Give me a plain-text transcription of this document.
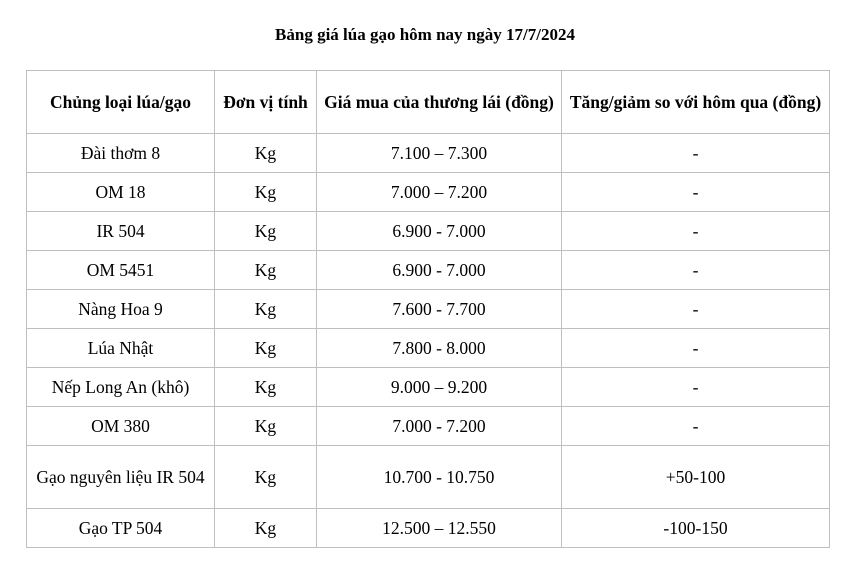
Bảng giá lúa gạo hôm nay ngày 17/7/2024
Chủng loại lúa/gạo	Đơn vị tính	Giá mua của thương lái (đồng)	Tăng/giảm so với hôm qua (đồng)
Đài thơm 8	Kg	7.100 – 7.300	-
OM 18	Kg	7.000 – 7.200	-
IR 504	Kg	6.900 - 7.000	-
OM 5451	Kg	6.900 - 7.000	-
Nàng Hoa 9	Kg	7.600 - 7.700	-
Lúa Nhật	Kg	7.800 - 8.000	-
Nếp Long An (khô)	Kg	9.000 – 9.200	-
OM 380	Kg	7.000 - 7.200	-
Gạo nguyên liệu IR 504	Kg	10.700 - 10.750	+50-100
Gạo TP 504	Kg	12.500 – 12.550	-100-150
